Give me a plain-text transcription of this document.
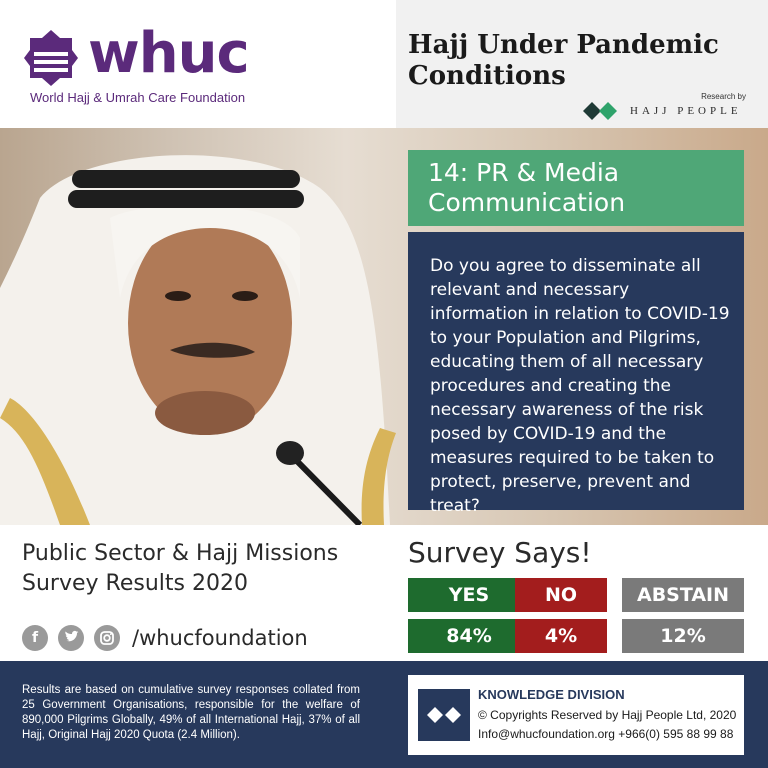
whuc
World Hajj & Umrah Care Foundation
Hajj Under Pandemic Conditions
Research by
HAJJ PEOPLE
14: PR & Media
Communication
Do you agree to disseminate all relevant and necessary information in relation to COVID-19 to your Population and Pilgrims, educating them of all necessary procedures and creating the necessary awareness of the risk posed by COVID-19 and the measures required to be taken to protect, preserve, prevent and treat?
Public Sector & Hajj Missions Survey Results 2020
f	/whucfoundation
Survey Says!
YES
84%
NO
4%
ABSTAIN
12%
Results are based on cumulative survey responses collated from 25 Government Organisations, responsible for the welfare of 890,000 Pilgrims Globally, 49% of all International Hajj, 37% of all Hajj, Original Hajj 2020 Quota (2.4 Million).
KNOWLEDGE DIVISION
© Copyrights Reserved by Hajj People Ltd, 2020
Info@whucfoundation.org +966(0) 595 88 99 88
